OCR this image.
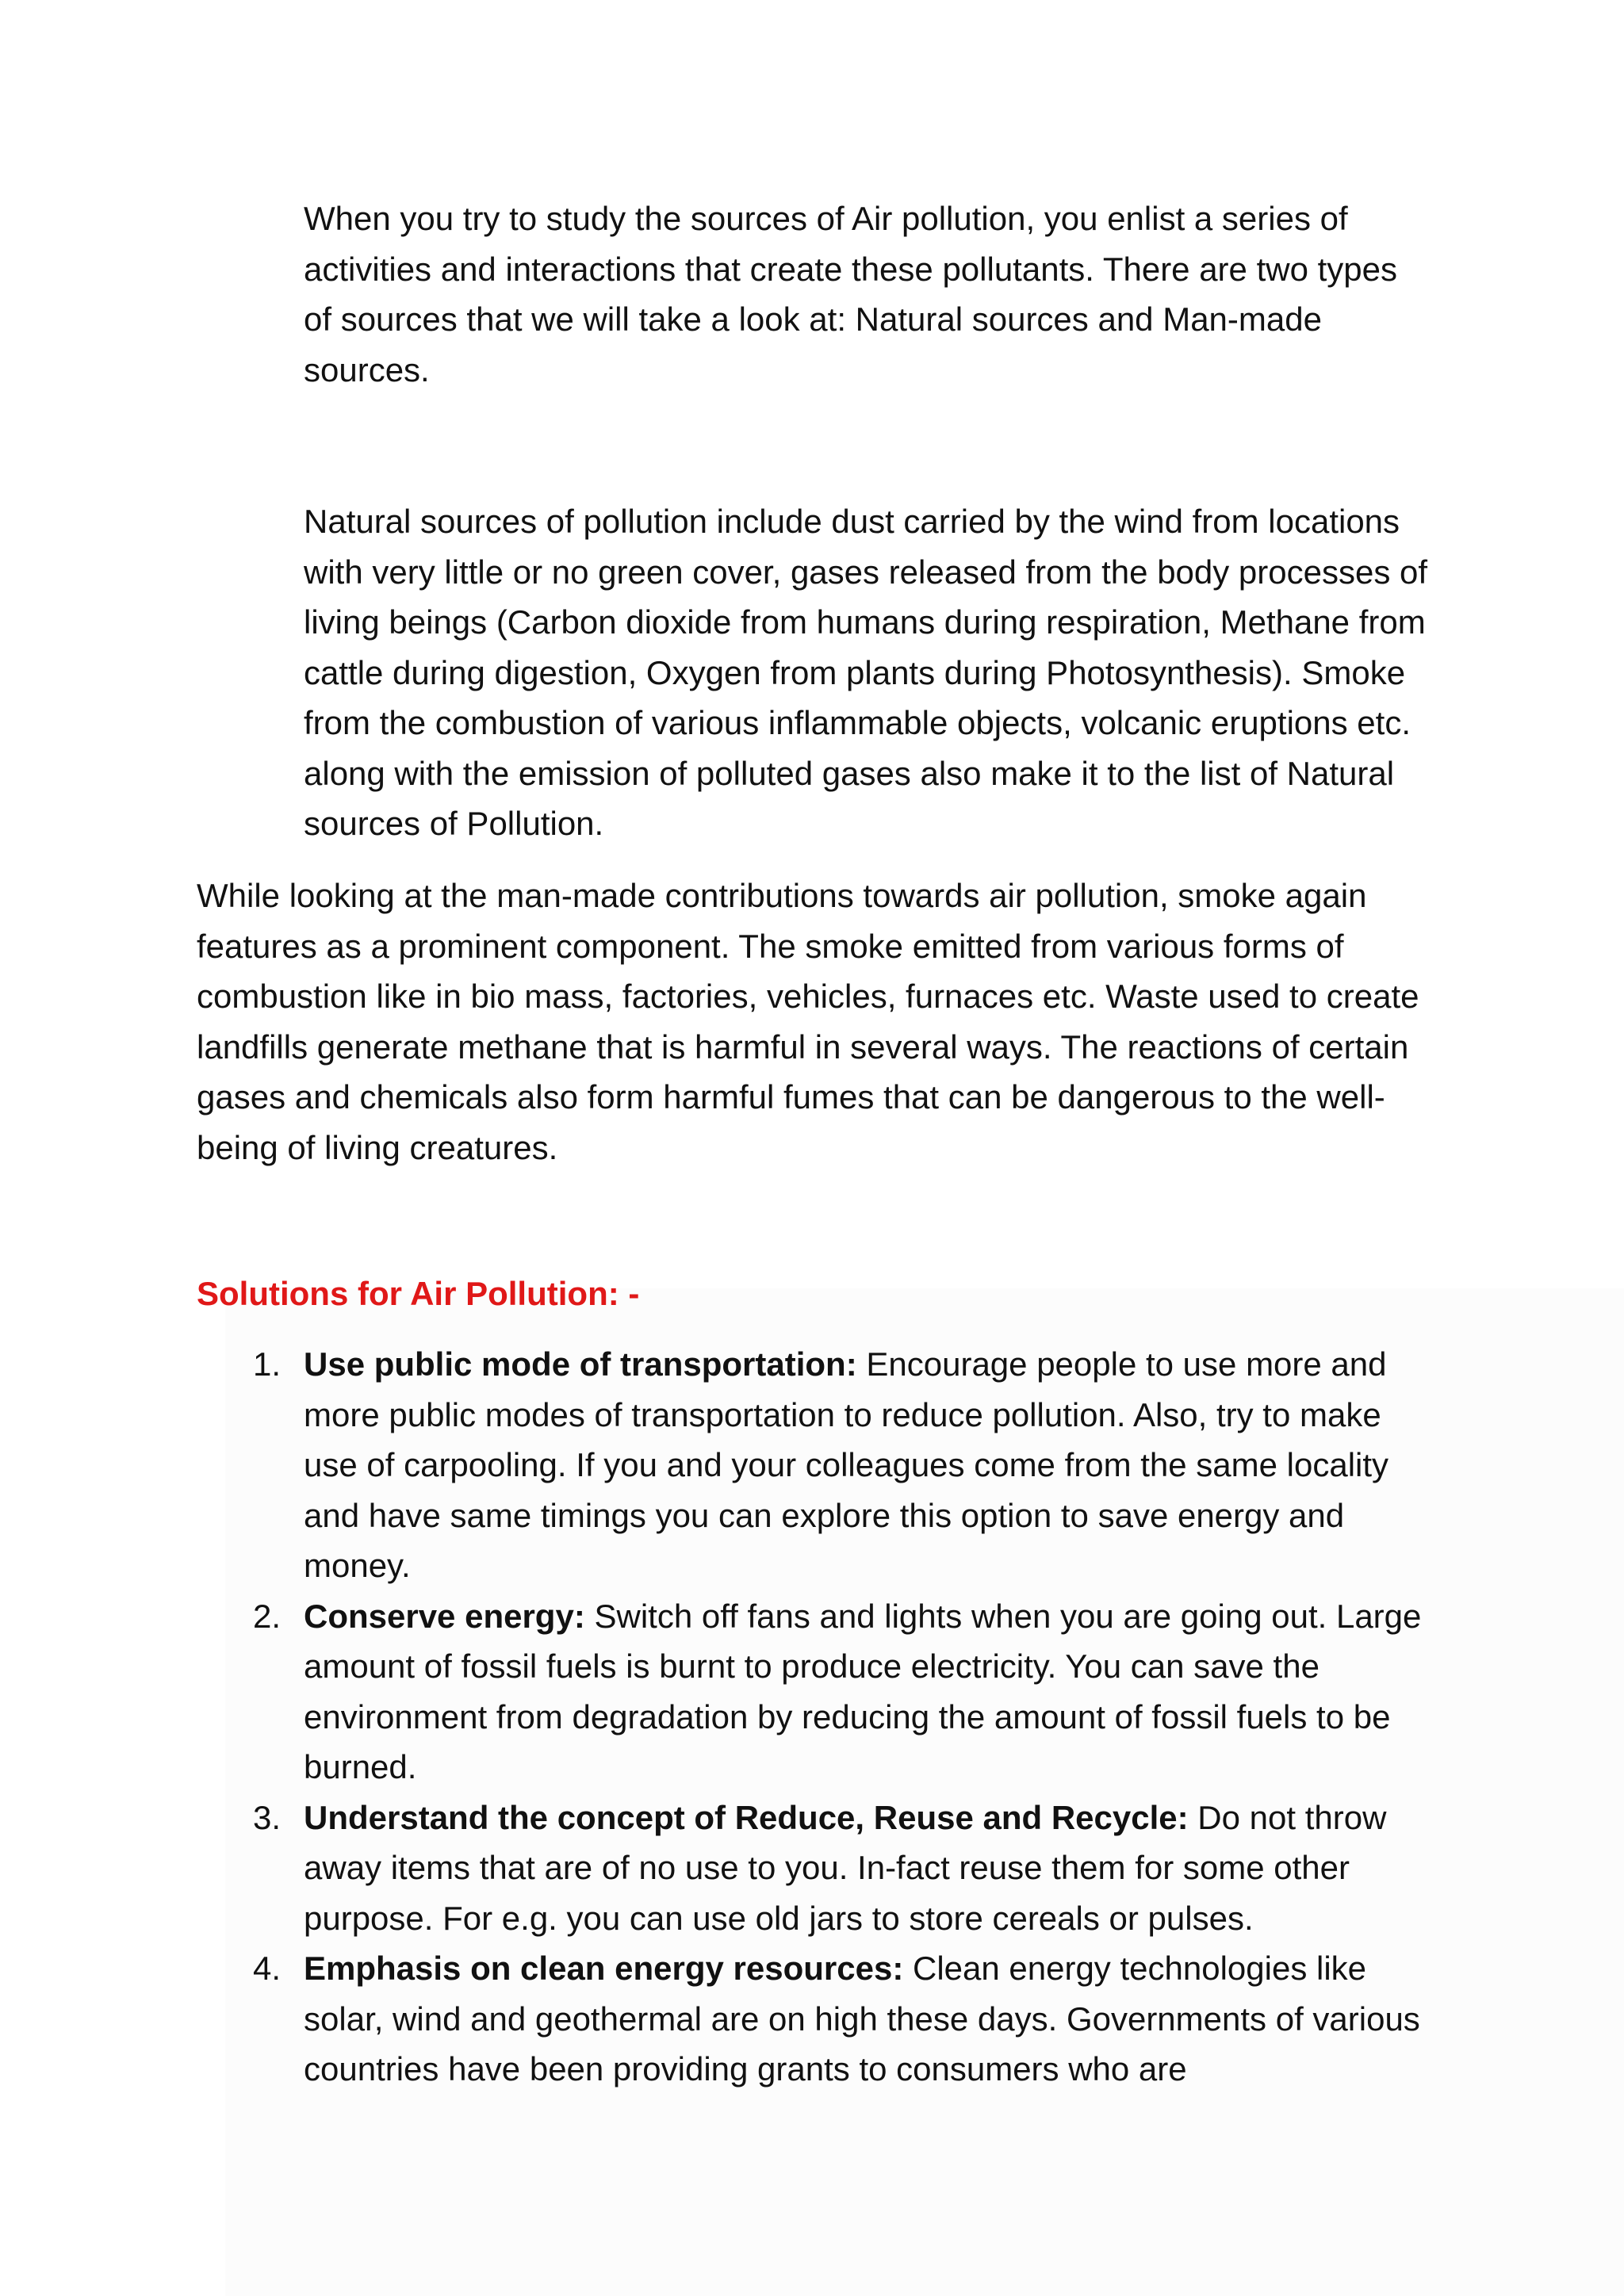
When you try to study the sources of Air pollution, you enlist a series of activities and interactions that create these pollutants. There are two types of sources that we will take a look at: Natural sources and Man-made sources.

Natural sources of pollution include dust carried by the wind from locations with very little or no green cover, gases released from the body processes of living beings (Carbon dioxide from humans during respiration, Methane from cattle during digestion, Oxygen from plants during Photosynthesis). Smoke from the combustion of various inflammable objects, volcanic eruptions etc. along with the emission of polluted gases also make it to the list of Natural sources of Pollution.

While looking at the man-made contributions towards air pollution, smoke again features as a prominent component. The smoke emitted from various forms of combustion like in bio mass, factories, vehicles, furnaces etc. Waste used to create landfills generate methane that is harmful in several ways. The reactions of certain gases and chemicals also form harmful fumes that can be dangerous to the well-being of living creatures.

Solutions for Air Pollution: -
1. Use public mode of transportation: Encourage people to use more and more public modes of transportation to reduce pollution. Also, try to make use of carpooling. If you and your colleagues come from the same locality and have same timings you can explore this option to save energy and money.
2. Conserve energy: Switch off fans and lights when you are going out. Large amount of fossil fuels is burnt to produce electricity. You can save the environment from degradation by reducing the amount of fossil fuels to be burned.
3. Understand the concept of Reduce, Reuse and Recycle: Do not throw away items that are of no use to you. In-fact reuse them for some other purpose. For e.g. you can use old jars to store cereals or pulses.
4. Emphasis on clean energy resources: Clean energy technologies like solar, wind and geothermal are on high these days. Governments of various countries have been providing grants to consumers who are
